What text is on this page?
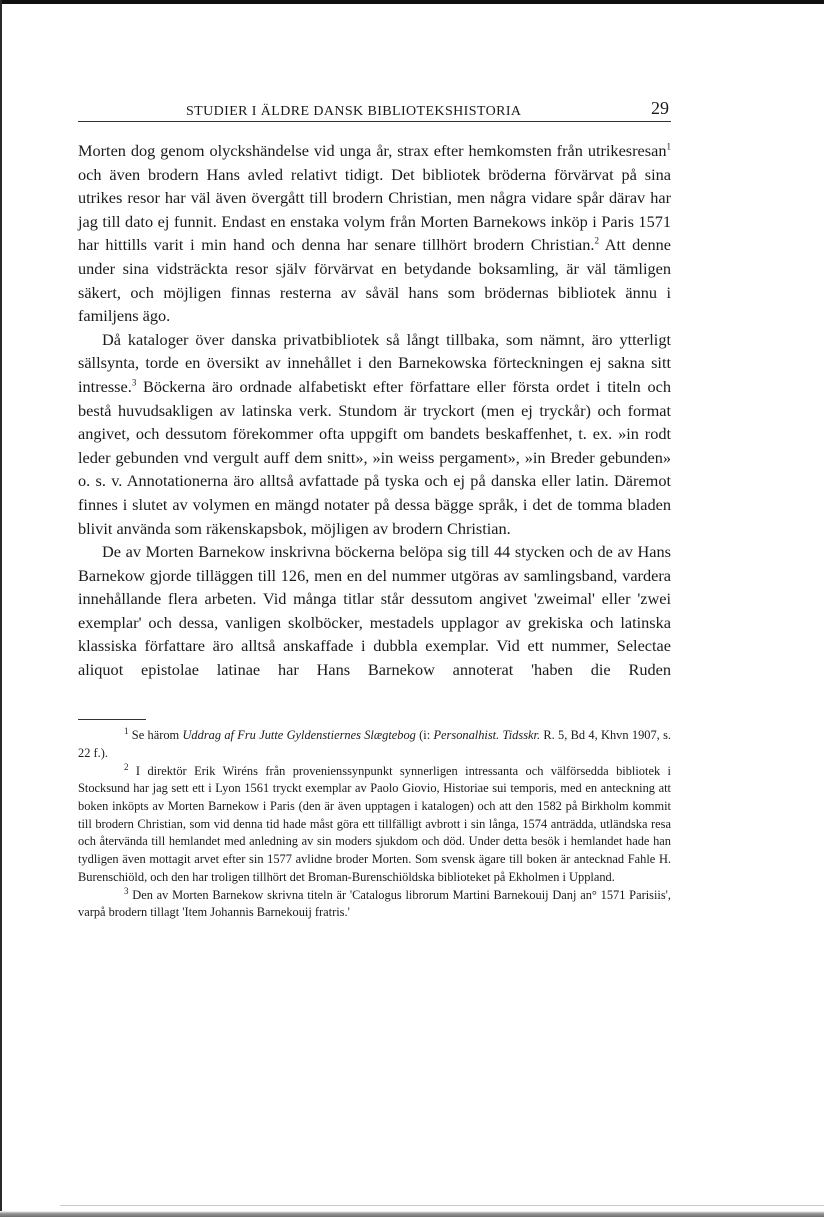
STUDIER I ÄLDRE DANSK BIBLIOTEKSHISTORIA	29

Morten dog genom olyckshändelse vid unga år, strax efter hemkomsten från utrikesresan$^1$ och även brodern Hans avled relativt tidigt. Det bibliotek bröderna förvärvat på sina utrikes resor har väl även övergått till brodern Christian, men några vidare spår därav har jag till dato ej funnit. Endast en enstaka volym från Morten Barnekows inköp i Paris 1571 har hittills varit i min hand och denna har senare tillhört brodern Christian.$^2$ Att denne under sina vidsträckta resor själv förvärvat en betydande boksamling, är väl tämligen säkert, och möjligen finnas resterna av såväl hans som brödernas bibliotek ännu i familjens ägo.

Då kataloger över danska privatbibliotek så långt tillbaka, som nämnt, äro ytterligt sällsynta, torde en översikt av innehållet i den Barnekowska förteckningen ej sakna sitt intresse.$^3$ Böckerna äro ordnade alfabetiskt efter författare eller första ordet i titeln och bestå huvudsakligen av latinska verk. Stundom är tryckort (men ej tryckår) och format angivet, och dessutom förekommer ofta uppgift om bandets beskaffenhet, t. ex. »in rodt leder gebunden vnd vergult auff dem snitt», »in weiss pergament», »in Breder gebunden» o. s. v. Annotationerna äro alltså avfattade på tyska och ej på danska eller latin. Däremot finnes i slutet av volymen en mängd notater på dessa bägge språk, i det de tomma bladen blivit använda som räkenskapsbok, möjligen av brodern Christian.

De av Morten Barnekow inskrivna böckerna belöpa sig till 44 stycken och de av Hans Barnekow gjorde tilläggen till 126, men en del nummer utgöras av samlingsband, vardera innehållande flera arbeten. Vid många titlar står dessutom angivet 'zweimal' eller 'zwei exemplar' och dessa, vanligen skolböcker, mestadels upplagor av grekiska och latinska klassiska författare äro alltså anskaffade i dubbla exemplar. Vid ett nummer, Selectae aliquot epistolae latinae har Hans Barnekow annoterat 'haben die Ruden

$^1$ Se härom Uddrag af Fru Jutte Gyldenstiernes Slægtebog (i: Personalhist. Tidsskr. R. 5, Bd 4, Khvn 1907, s. 22 f.).

$^2$ I direktör Erik Wiréns från provenienssynpunkt synnerligen intressanta och välförsedda bibliotek i Stocksund har jag sett ett i Lyon 1561 tryckt exemplar av Paolo Giovio, Historiae sui temporis, med en anteckning att boken inköpts av Morten Barnekow i Paris (den är även upptagen i katalogen) och att den 1582 på Birkholm kommit till brodern Christian, som vid denna tid hade måst göra ett tillfälligt avbrott i sin långa, 1574 anträdda, utländska resa och återvända till hemlandet med anledning av sin moders sjukdom och död. Under detta besök i hemlandet hade han tydligen även mottagit arvet efter sin 1577 avlidne broder Morten. Som svensk ägare till boken är antecknad Fahle H. Burenschiöld, och den har troligen tillhört det Broman-Burenschiöldska biblioteket på Ekholmen i Uppland.

$^3$ Den av Morten Barnekow skrivna titeln är 'Catalogus librorum Martini Barnekouij Danj an° 1571 Parisiis', varpå brodern tillagt 'Item Johannis Barnekouij fratris.'
